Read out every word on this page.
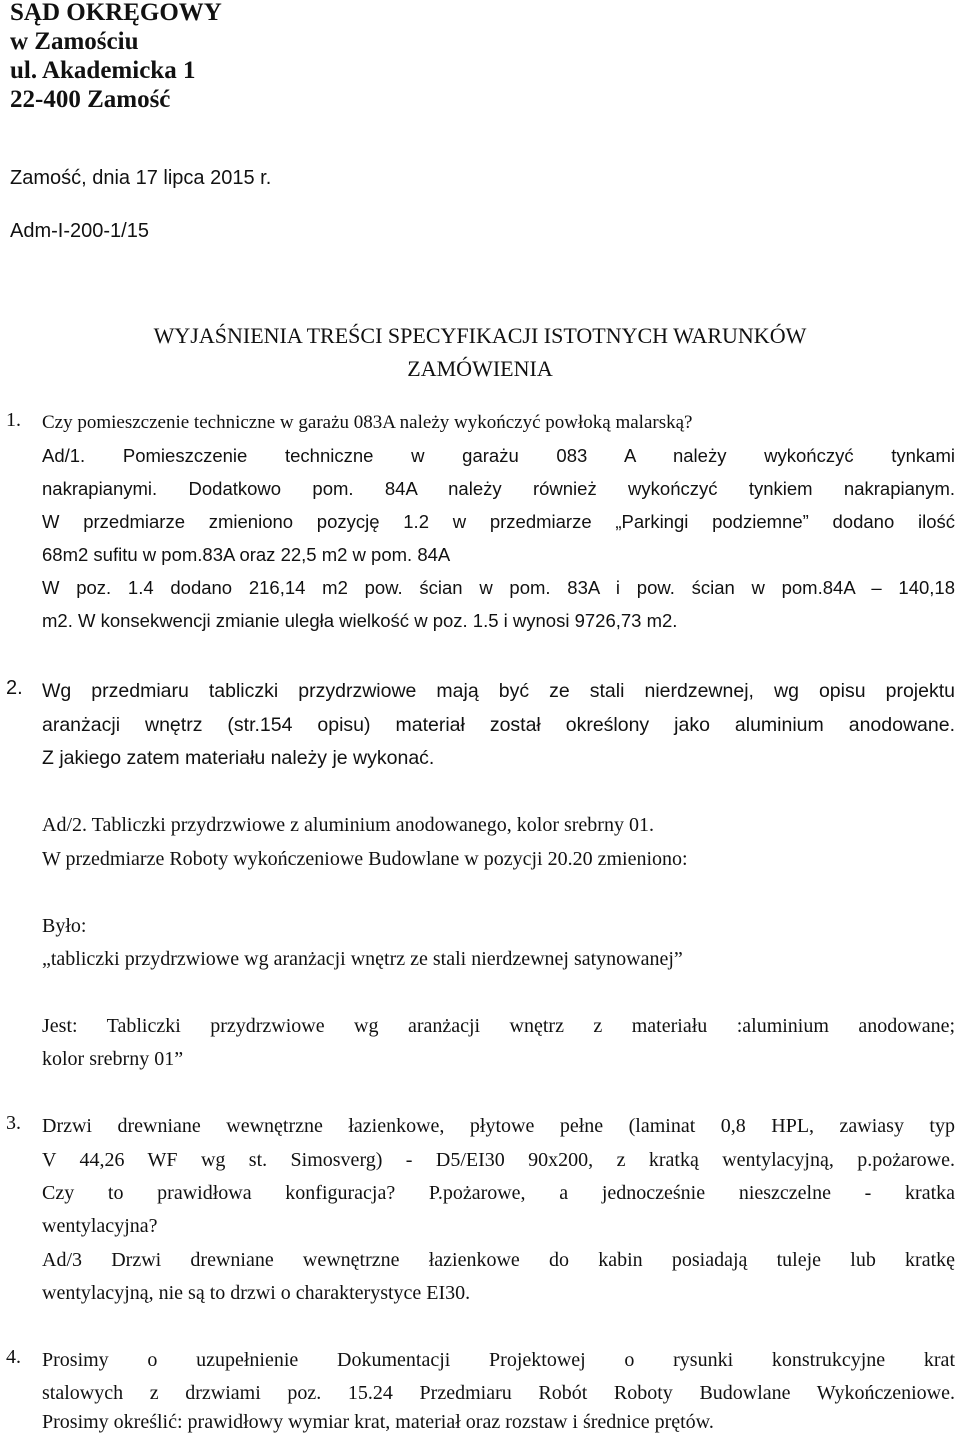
SĄD OKRĘGOWY
w Zamościu
ul. Akademicka 1
22-400 Zamość
Zamość, dnia 17 lipca 2015 r.
Adm-I-200-1/15
WYJAŚNIENIA TREŚCI SPECYFIKACJI ISTOTNYCH WARUNKÓW
ZAMÓWIENIA
1. Czy pomieszczenie techniczne w garażu 083A należy wykończyć powłoką malarską?
Ad/1. Pomieszczenie techniczne w garażu 083 A należy wykończyć tynkami
nakrapianymi. Dodatkowo pom. 84A należy również wykończyć tynkiem nakrapianym.
W przedmiarze zmieniono pozycję 1.2 w przedmiarze „Parkingi podziemne” dodano ilość
68m2 sufitu w pom.83A oraz 22,5 m2 w pom. 84A
W poz. 1.4 dodano 216,14 m2 pow. ścian w pom. 83A i pow. ścian w pom.84A – 140,18
m2. W konsekwencji zmianie uległa wielkość w poz. 1.5 i wynosi 9726,73 m2.
2. Wg przedmiaru tabliczki przydrzwiowe mają być ze stali nierdzewnej, wg opisu projektu
aranżacji wnętrz (str.154 opisu) materiał został określony jako aluminium anodowane.
Z jakiego zatem materiału należy je wykonać.
Ad/2. Tabliczki przydrzwiowe z aluminium anodowanego, kolor srebrny 01.
W przedmiarze Roboty wykończeniowe Budowlane w pozycji 20.20 zmieniono:
Było:
„tabliczki przydrzwiowe wg aranżacji wnętrz ze stali nierdzewnej satynowanej”
Jest: Tabliczki przydrzwiowe wg aranżacji wnętrz z materiału :aluminium anodowane;
kolor srebrny 01”
3. Drzwi drewniane wewnętrzne łazienkowe, płytowe pełne (laminat 0,8 HPL, zawiasy typ
V 44,26 WF wg st. Simosverg) - D5/EI30 90x200, z kratką wentylacyjną, p.pożarowe.
Czy to prawidłowa konfiguracja? P.pożarowe, a jednocześnie nieszczelne - kratka
wentylacyjna?
Ad/3 Drzwi drewniane wewnętrzne łazienkowe do kabin posiadają tuleje lub kratkę
wentylacyjną, nie są to drzwi o charakterystyce EI30.
4. Prosimy o uzupełnienie Dokumentacji Projektowej o rysunki konstrukcyjne krat
stalowych z drzwiami poz. 15.24 Przedmiaru Robót Roboty Budowlane Wykończeniowe.
Prosimy określić: prawidłowy wymiar krat, materiał oraz rozstaw i średnice prętów.
